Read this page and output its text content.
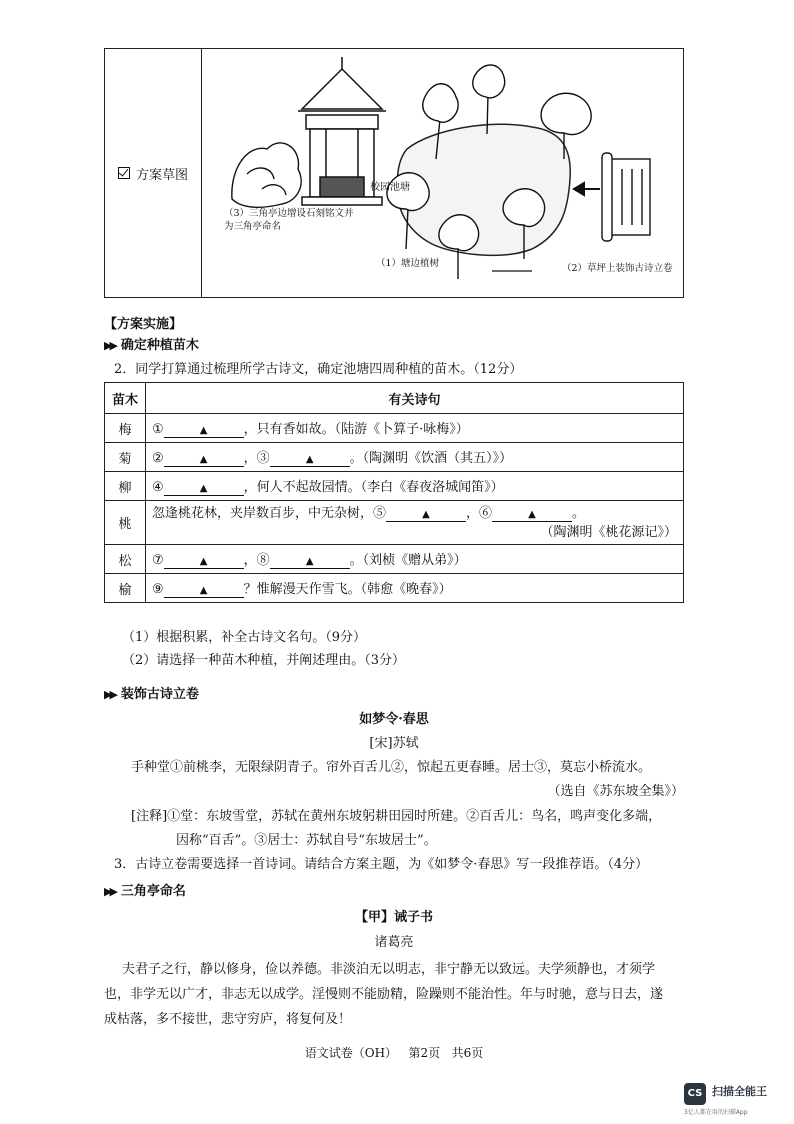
方案草图
校园池塘
（3）三角亭边增设石刻铭文并
为三角亭命名
（1）塘边植树	（2）草坪上装饰古诗立卷
【方案实施】
▶▶ 确定种植苗木
2．同学打算通过梳理所学古诗文，确定池塘四周种植的苗木。（12分）
苗木	有关诗句
梅	① ▲ ，只有香如故。（陆游《卜算子·咏梅》）
菊	② ▲ ，③ ▲ 。（陶渊明《饮酒（其五）》）
柳	④ ▲ ，何人不起故园情。（李白《春夜洛城闻笛》）
桃	忽逢桃花林，夹岸数百步，中无杂树，⑤ ▲ ，⑥ ▲ 。
（陶渊明《桃花源记》）

松	⑦ ▲ ，⑧ ▲ 。（刘桢《赠从弟》）
榆	⑨ ▲ ？惟解漫天作雪飞。（韩愈《晚春》）
（1）根据积累，补全古诗文名句。（9分）
（2）请选择一种苗木种植，并阐述理由。（3分）
▶▶ 装饰古诗立卷
如梦令·春思
[宋]苏轼
手种堂①前桃李，无限绿阴青子。帘外百舌儿②，惊起五更春睡。居士③，莫忘小桥流水。
（选自《苏东坡全集》）
[注释]①堂：东坡雪堂，苏轼在黄州东坡躬耕田园时所建。②百舌儿：鸟名，鸣声变化多端，
因称“百舌”。③居士：苏轼自号“东坡居士”。
3．古诗立卷需要选择一首诗词。请结合方案主题，为《如梦令·春思》写一段推荐语。（4分）
▶▶ 三角亭命名
【甲】诫子书
诸葛亮
夫君子之行，静以修身，俭以养德。非淡泊无以明志，非宁静无以致远。夫学须静也，才须学
也，非学无以广才，非志无以成学。淫慢则不能励精，险躁则不能治性。年与时驰，意与日去，遂
成枯落，多不接世，悲守穷庐，将复何及！
语文试卷（OH） 第2页 共6页
CS 扫描全能王
3亿人都在用的扫描App
